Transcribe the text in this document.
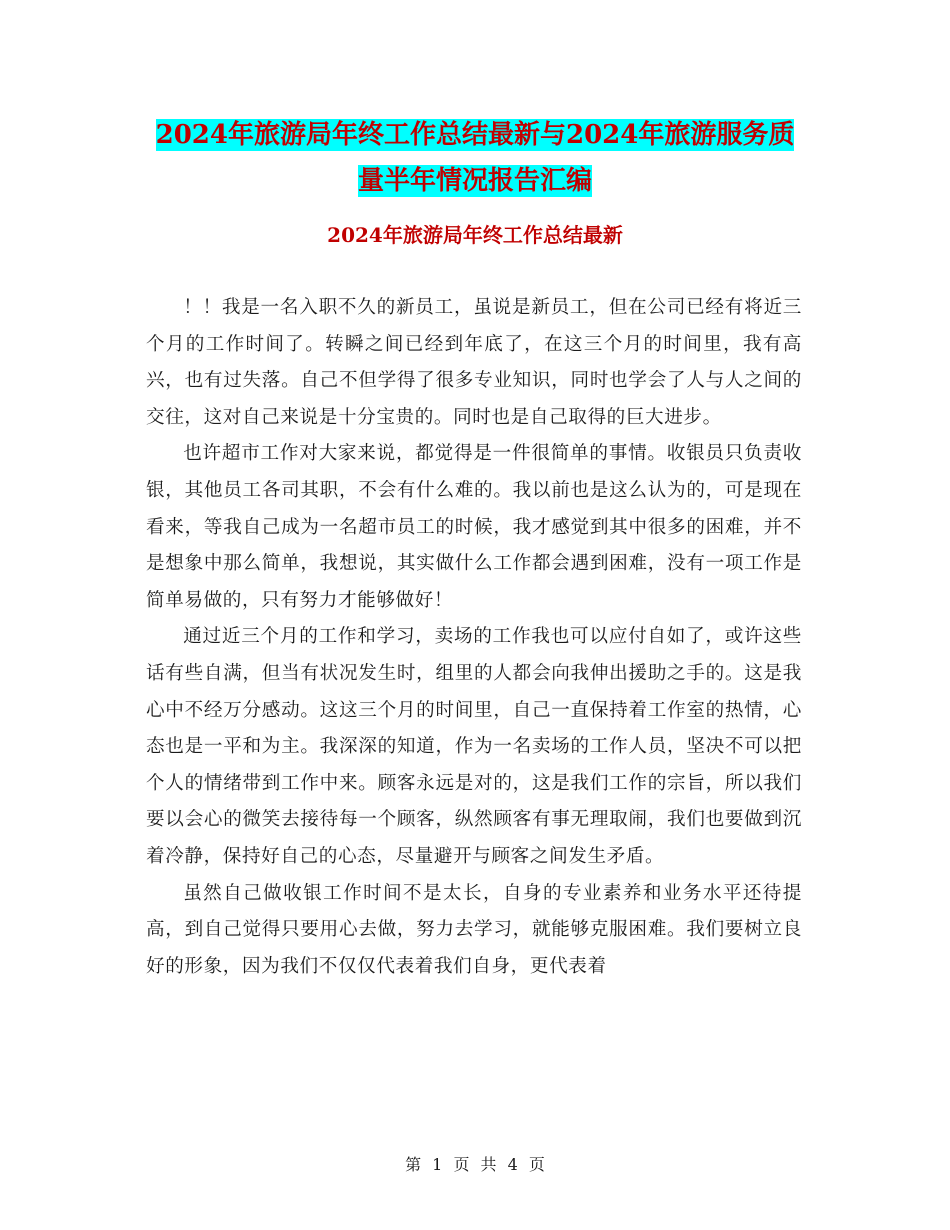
2024年旅游局年终工作总结最新与2024年旅游服务质
量半年情况报告汇编
2024年旅游局年终工作总结最新

！！我是一名入职不久的新员工，虽说是新员工，但在公司已经有将近三个月的工作时间了。转瞬之间已经到年底了，在这三个月的时间里，我有高兴，也有过失落。自己不但学得了很多专业知识，同时也学会了人与人之间的交往，这对自己来说是十分宝贵的。同时也是自己取得的巨大进步。

也许超市工作对大家来说，都觉得是一件很简单的事情。收银员只负责收银，其他员工各司其职，不会有什么难的。我以前也是这么认为的，可是现在看来，等我自己成为一名超市员工的时候，我才感觉到其中很多的困难，并不是想象中那么简单，我想说，其实做什么工作都会遇到困难，没有一项工作是简单易做的，只有努力才能够做好！

通过近三个月的工作和学习，卖场的工作我也可以应付自如了，或许这些话有些自满，但当有状况发生时，组里的人都会向我伸出援助之手的。这是我心中不经万分感动。这这三个月的时间里，自己一直保持着工作室的热情，心态也是一平和为主。我深深的知道，作为一名卖场的工作人员，坚决不可以把个人的情绪带到工作中来。顾客永远是对的，这是我们工作的宗旨，所以我们要以会心的微笑去接待每一个顾客，纵然顾客有事无理取闹，我们也要做到沉着冷静，保持好自己的心态，尽量避开与顾客之间发生矛盾。

虽然自己做收银工作时间不是太长，自身的专业素养和业务水平还待提高，到自己觉得只要用心去做，努力去学习，就能够克服困难。我们要树立良好的形象，因为我们不仅仅代表着我们自身，更代表着

第 1 页 共 4 页
